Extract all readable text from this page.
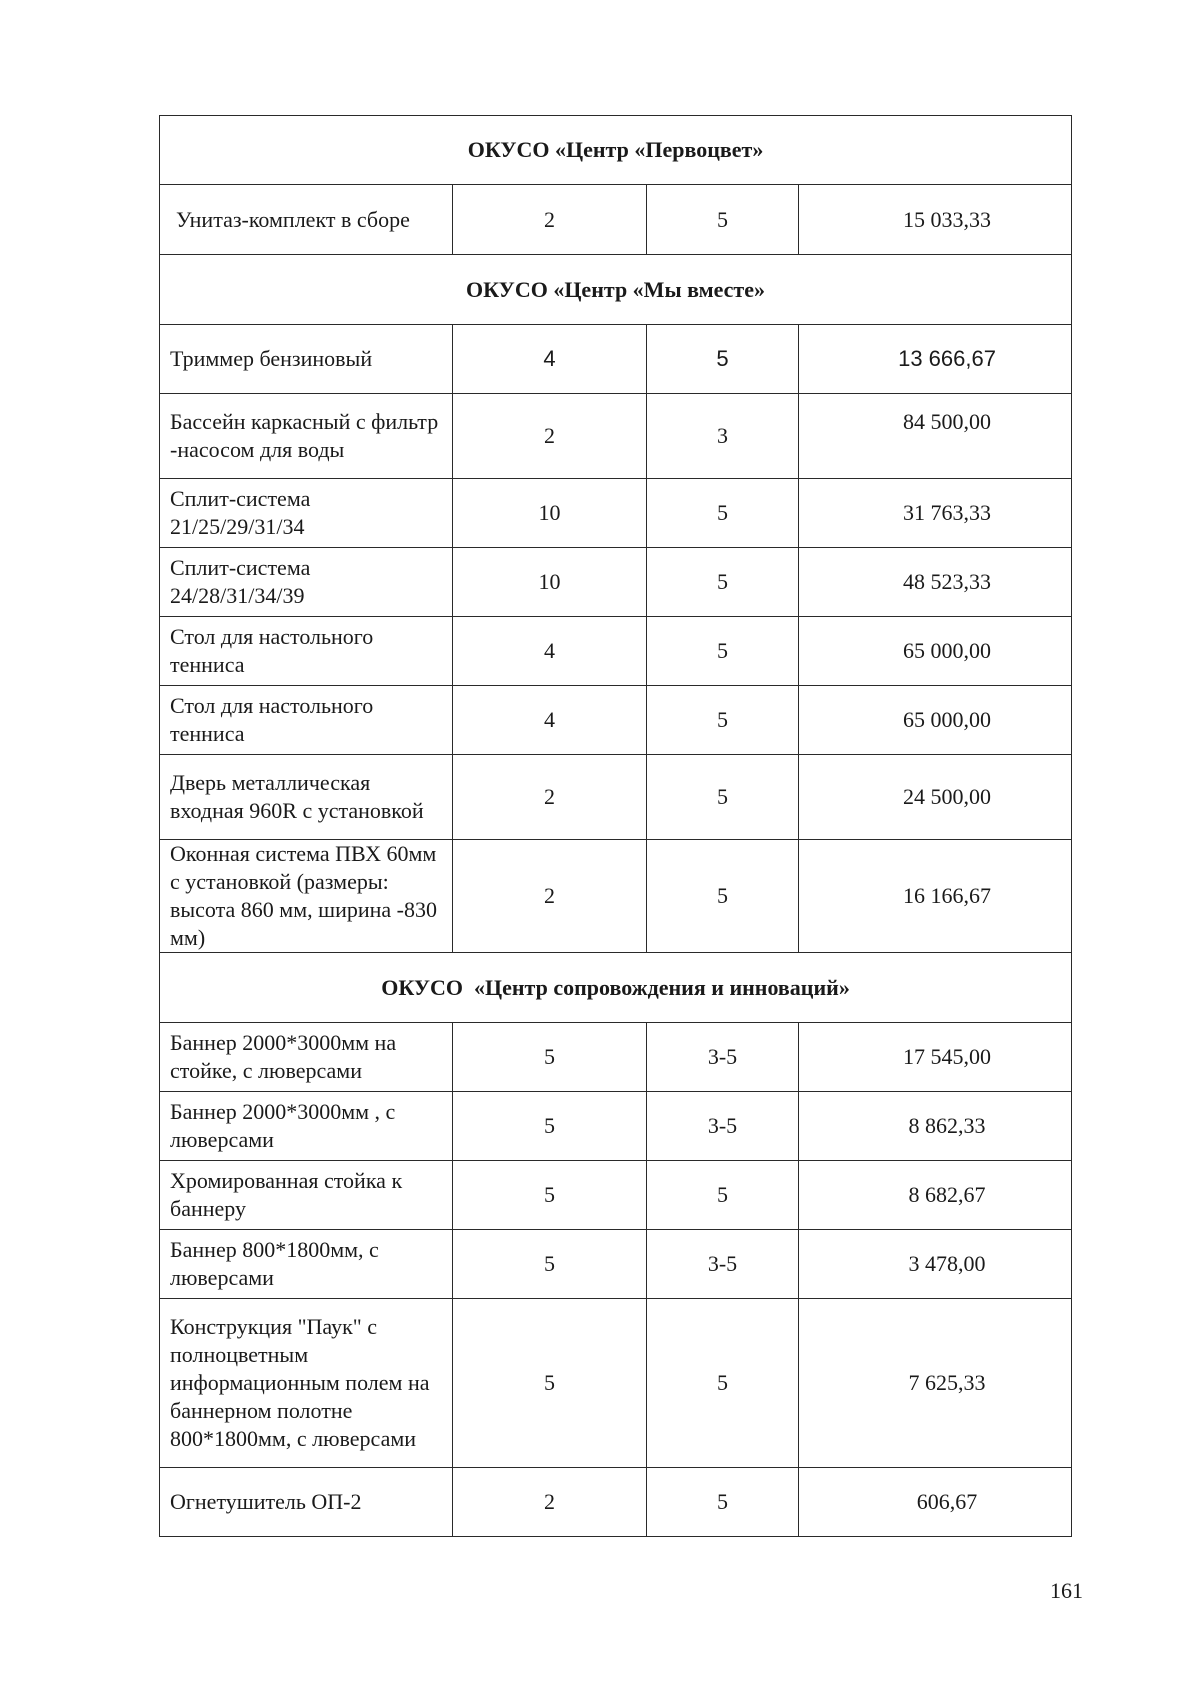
ОКУСО «Центр «Первоцвет»			
Унитаз-комплект в сборе	2	5	15 033,33
ОКУСО «Центр «Мы вместе»			
Триммер бензиновый	4	5	13 666,67
Бассейн каркасный с фильтр -насосом для воды	2	3	84 500,00
Сплит-система 21/25/29/31/34	10	5	31 763,33
Сплит-система 24/28/31/34/39	10	5	48 523,33
Стол для настольного тенниса	4	5	65 000,00
Стол для настольного тенниса	4	5	65 000,00
Дверь металлическая входная 960R с установкой	2	5	24 500,00
Оконная система ПВХ 60мм с установкой (размеры: высота 860 мм, ширина -830 мм)	2	5	16 166,67
ОКУСО  «Центр сопровождения и инноваций»			
Баннер 2000*3000мм на стойке, с люверсами	5	3-5	17 545,00
Баннер 2000*3000мм , с люверсами	5	3-5	8 862,33
Хромированная стойка к баннеру	5	5	8 682,67
Баннер 800*1800мм, с люверсами	5	3-5	3 478,00
Конструкция "Паук" с полноцветным информационным полем на баннерном полотне 800*1800мм, с люверсами	5	5	7 625,33
Огнетушитель ОП-2	2	5	606,67
161
